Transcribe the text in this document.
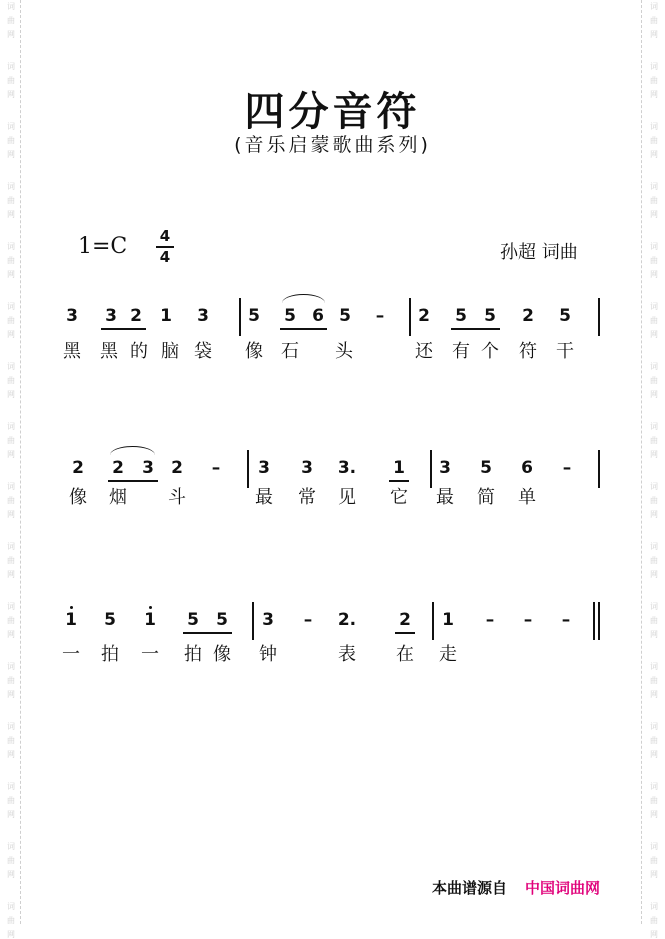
词
曲
网
词
曲
网
词
曲
网
词
曲
网
词
曲
网
词
曲
网
词
曲
网
词
曲
网
词
曲
网
词
曲
网
词
曲
网
词
曲
网
词
曲
网
词
曲
网
词
曲
网
词
曲
网
词
曲
网
词
曲
网
词
曲
网
词
曲
网
词
曲
网
词
曲
网
词
曲
网
词
曲
网
词
曲
网
词
曲
网
词
曲
网
词
曲
网
词
曲
网
词
曲
网
词
曲
网
词
曲
网
四分音符
(音乐启蒙歌曲系列)
1=C 4
4	孙超 词曲
3 3 2 1 3 5 5 6 5 – 2 5 5 2 5
黑 黑 的 脑 袋 像 石 头	还 有 个 符 干
2 2 3 2 – 3 3 3. 1 3 5 6 –
像 烟 斗	最 常 见 它 最 简 单
1 5 1 5 5 3 – 2.	2 1 – – –
一 拍 一 拍 像 钟	表 在 走
本曲谱源自 中国词曲网
